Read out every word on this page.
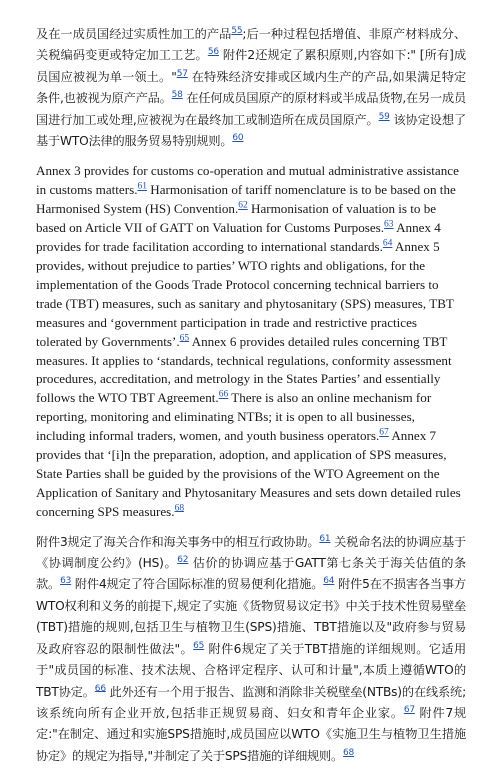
及在一成员国经过实质性加工的产品$^{55}$;后一种过程包括增值、非原产材料成分、关税编码变更或特定加工工艺。$^{56}$ 附件2还规定了累积原则,内容如下:" [所有]成员国应被视为单一领土。"$^{57}$ 在特殊经济安排或区域内生产的产品,如果满足特定条件,也被视为原产产品。$^{58}$ 在任何成员国原产的原材料或半成品货物,在另一成员国进行加工或处理,应被视为在最终加工或制造所在成员国原产。$^{59}$ 该协定设想了基于WTO法律的服务贸易特别规则。$^{60}$

Annex 3 provides for customs co-operation and mutual administrative assistance in customs matters.$^{61}$ Harmonisation of tariff nomenclature is to be based on the Harmonised System (HS) Convention.$^{62}$ Harmonisation of valuation is to be based on Article VII of GATT on Valuation for Customs Purposes.$^{63}$ Annex 4 provides for trade facilitation according to international standards.$^{64}$ Annex 5 provides, without prejudice to parties’ WTO rights and obligations, for the implementation of the Goods Trade Protocol concerning technical barriers to trade (TBT) measures, such as sanitary and phytosanitary (SPS) measures, TBT measures and ‘government participation in trade and restrictive practices tolerated by Governments’.$^{65}$ Annex 6 provides detailed rules concerning TBT measures. It applies to ‘standards, technical regulations, conformity assessment procedures, accreditation, and metrology in the States Parties’ and essentially follows the WTO TBT Agreement.$^{66}$ There is also an online mechanism for reporting, monitoring and eliminating NTBs; it is open to all businesses, including informal traders, women, and youth business operators.$^{67}$ Annex 7 provides that ‘[i]n the preparation, adoption, and application of SPS measures, State Parties shall be guided by the provisions of the WTO Agreement on the Application of Sanitary and Phytosanitary Measures and sets down detailed rules concerning SPS measures.$^{68}$

附件3规定了海关合作和海关事务中的相互行政协助。$^{61}$ 关税命名法的协调应基于《协调制度公约》(HS)。$^{62}$ 估价的协调应基于GATT第七条关于海关估值的条款。$^{63}$ 附件4规定了符合国际标准的贸易便利化措施。$^{64}$ 附件5在不损害各当事方WTO权利和义务的前提下,规定了实施《货物贸易议定书》中关于技术性贸易壁垒(TBT)措施的规则,包括卫生与植物卫生(SPS)措施、TBT措施以及"政府参与贸易及政府容忍的限制性做法"。$^{65}$ 附件6规定了关于TBT措施的详细规则。它适用于"成员国的标准、技术法规、合格评定程序、认可和计量",本质上遵循WTO的TBT协定。$^{66}$ 此外还有一个用于报告、监测和消除非关税壁垒(NTBs)的在线系统;该系统向所有企业开放,包括非正规贸易商、妇女和青年企业家。$^{67}$ 附件7规定:"在制定、通过和实施SPS措施时,成员国应以WTO《实施卫生与植物卫生措施协定》的规定为指导,"并制定了关于SPS措施的详细规则。$^{68}$
